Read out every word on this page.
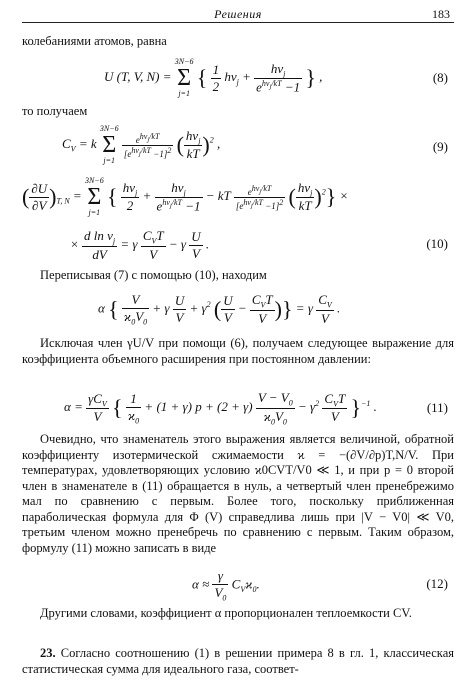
Решения	183
колебаниями атомов, равна
U (T, V, N) =
3N−6
Σ
j=1
{ $\frac{1}{2} h\nu_j + \frac{h\nu_j}{e^{h\nu_j/kT} -1}$ } ,	(8)
то получаем
$C_V = k$
3N−6
Σ
j=1

$\frac{eh\nu_j/kT}{[eh\nu_j/kT -1]2}$ ( $\frac{h\nu_j}{kT} )^2$ ,	(9)
( $\frac{\partial U}{\partial V} )_{T, N}$ =
3N−6
Σ
j=1
{ $\frac{h\nu_j}{2} + \frac{h\nu_j}{e^{h\nu_j/kT} -1}$ − kT $\frac{eh\nu_j/kT}{[eh\nu_j/kT -1]2}$ ( $\frac{h\nu_j}{kT} )^2$} ×
× $\frac{d \ln \nu_j}{dV} = \gamma \frac{C_VT}{V} - \gamma \frac{U}{V}$ .	(10)
Переписывая (7) с помощью (10), находим
α { $\frac{V}{ϰ_0V_0} + \gamma \frac{U}{V} + \gamma^2$ ( $\frac{U}{V} - \frac{C_VT}{V}$ )} = γ $\frac{C_V}{V}$ .
Исключая член γU/V при помощи (6), получаем следующее выражение для коэффициента объемного расширения при постоянном давлении:
$\alpha = \frac{\gamma C_V}{V}$ { $\frac{1}{ϰ_0} + (1 + \gamma) p + (2 + \gamma) \frac{V - V_0}{ϰ_0V_0} - \gamma^2 \frac{C_VT}{V} \}^{-1}$ .	(11)
Очевидно, что знаменатель этого выражения является величиной, обратной коэффициенту изотермической сжимаемости ϰ = −(∂V/∂p)T,N/V. При температурах, удовлетворяющих условию ϰ0CVT/V0 ≪ 1, и при p = 0 второй член в знаменателе в (11) обращается в нуль, а четвертый член пренебрежимо мал по сравнению с первым. Более того, поскольку приближенная параболическая формула для Φ (V) справедлива лишь при |V − V0| ≪ V0, третьим членом можно пренебречь по сравнению с первым. Таким образом, формулу (11) можно записать в виде
$\alpha \approx \frac{\gamma}{V_0} C_Vϰ_0$.	(12)
Другими словами, коэффициент α пропорционален теплоемкости CV.
23. Согласно соотношению (1) в решении примера 8 в гл. 1, классическая статистическая сумма для идеального газа, соответ-
